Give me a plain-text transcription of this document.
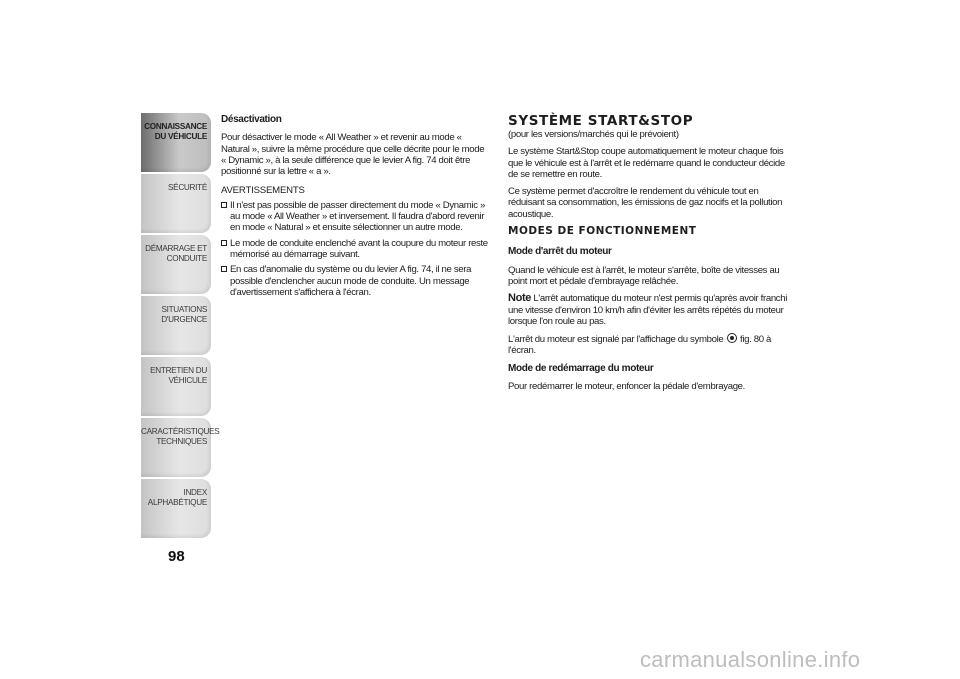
CONNAISSANCE
DU VÉHICULE
SÉCURITÉ
DÉMARRAGE ET
CONDUITE
SITUATIONS
D'URGENCE
ENTRETIEN DU
VÉHICULE
CARACTÉRISTIQUES
TECHNIQUES
INDEX
ALPHABÉTIQUE
98

Désactivation

Pour désactiver le mode « All Weather » et revenir au mode « Natural », suivre la même procédure que celle décrite pour le mode « Dynamic », à la seule différence que le levier A fig. 74 doit être positionné sur la lettre « a ».

AVERTISSEMENTS

Il n'est pas possible de passer directement du mode « Dynamic » au mode « All Weather » et inversement. Il faudra d'abord revenir en mode « Natural » et ensuite sélectionner un autre mode.
Le mode de conduite enclenché avant la coupure du moteur reste mémorisé au démarrage suivant.
En cas d'anomalie du système ou du levier A fig. 74, il ne sera possible d'enclencher aucun mode de conduite. Un message d'avertissement s'affichera à l'écran.

SYSTÈME START&STOP

(pour les versions/marchés qui le prévoient)

Le système Start&Stop coupe automatiquement le moteur chaque fois que le véhicule est à l'arrêt et le redémarre quand le conducteur décide de se remettre en route.

Ce système permet d'accroître le rendement du véhicule tout en réduisant sa consommation, les émissions de gaz nocifs et la pollution acoustique.

MODES DE FONCTIONNEMENT

Mode d'arrêt du moteur

Quand le véhicule est à l'arrêt, le moteur s'arrête, boîte de vitesses au point mort et pédale d'embrayage relâchée.

Note L'arrêt automatique du moteur n'est permis qu'après avoir franchi une vitesse d'environ 10 km/h afin d'éviter les arrêts répétés du moteur lorsque l'on roule au pas.

L'arrêt du moteur est signalé par l'affichage du symbole fig. 80 à l'écran.

Mode de redémarrage du moteur

Pour redémarrer le moteur, enfoncer la pédale d'embrayage.

carmanualsonline.info
